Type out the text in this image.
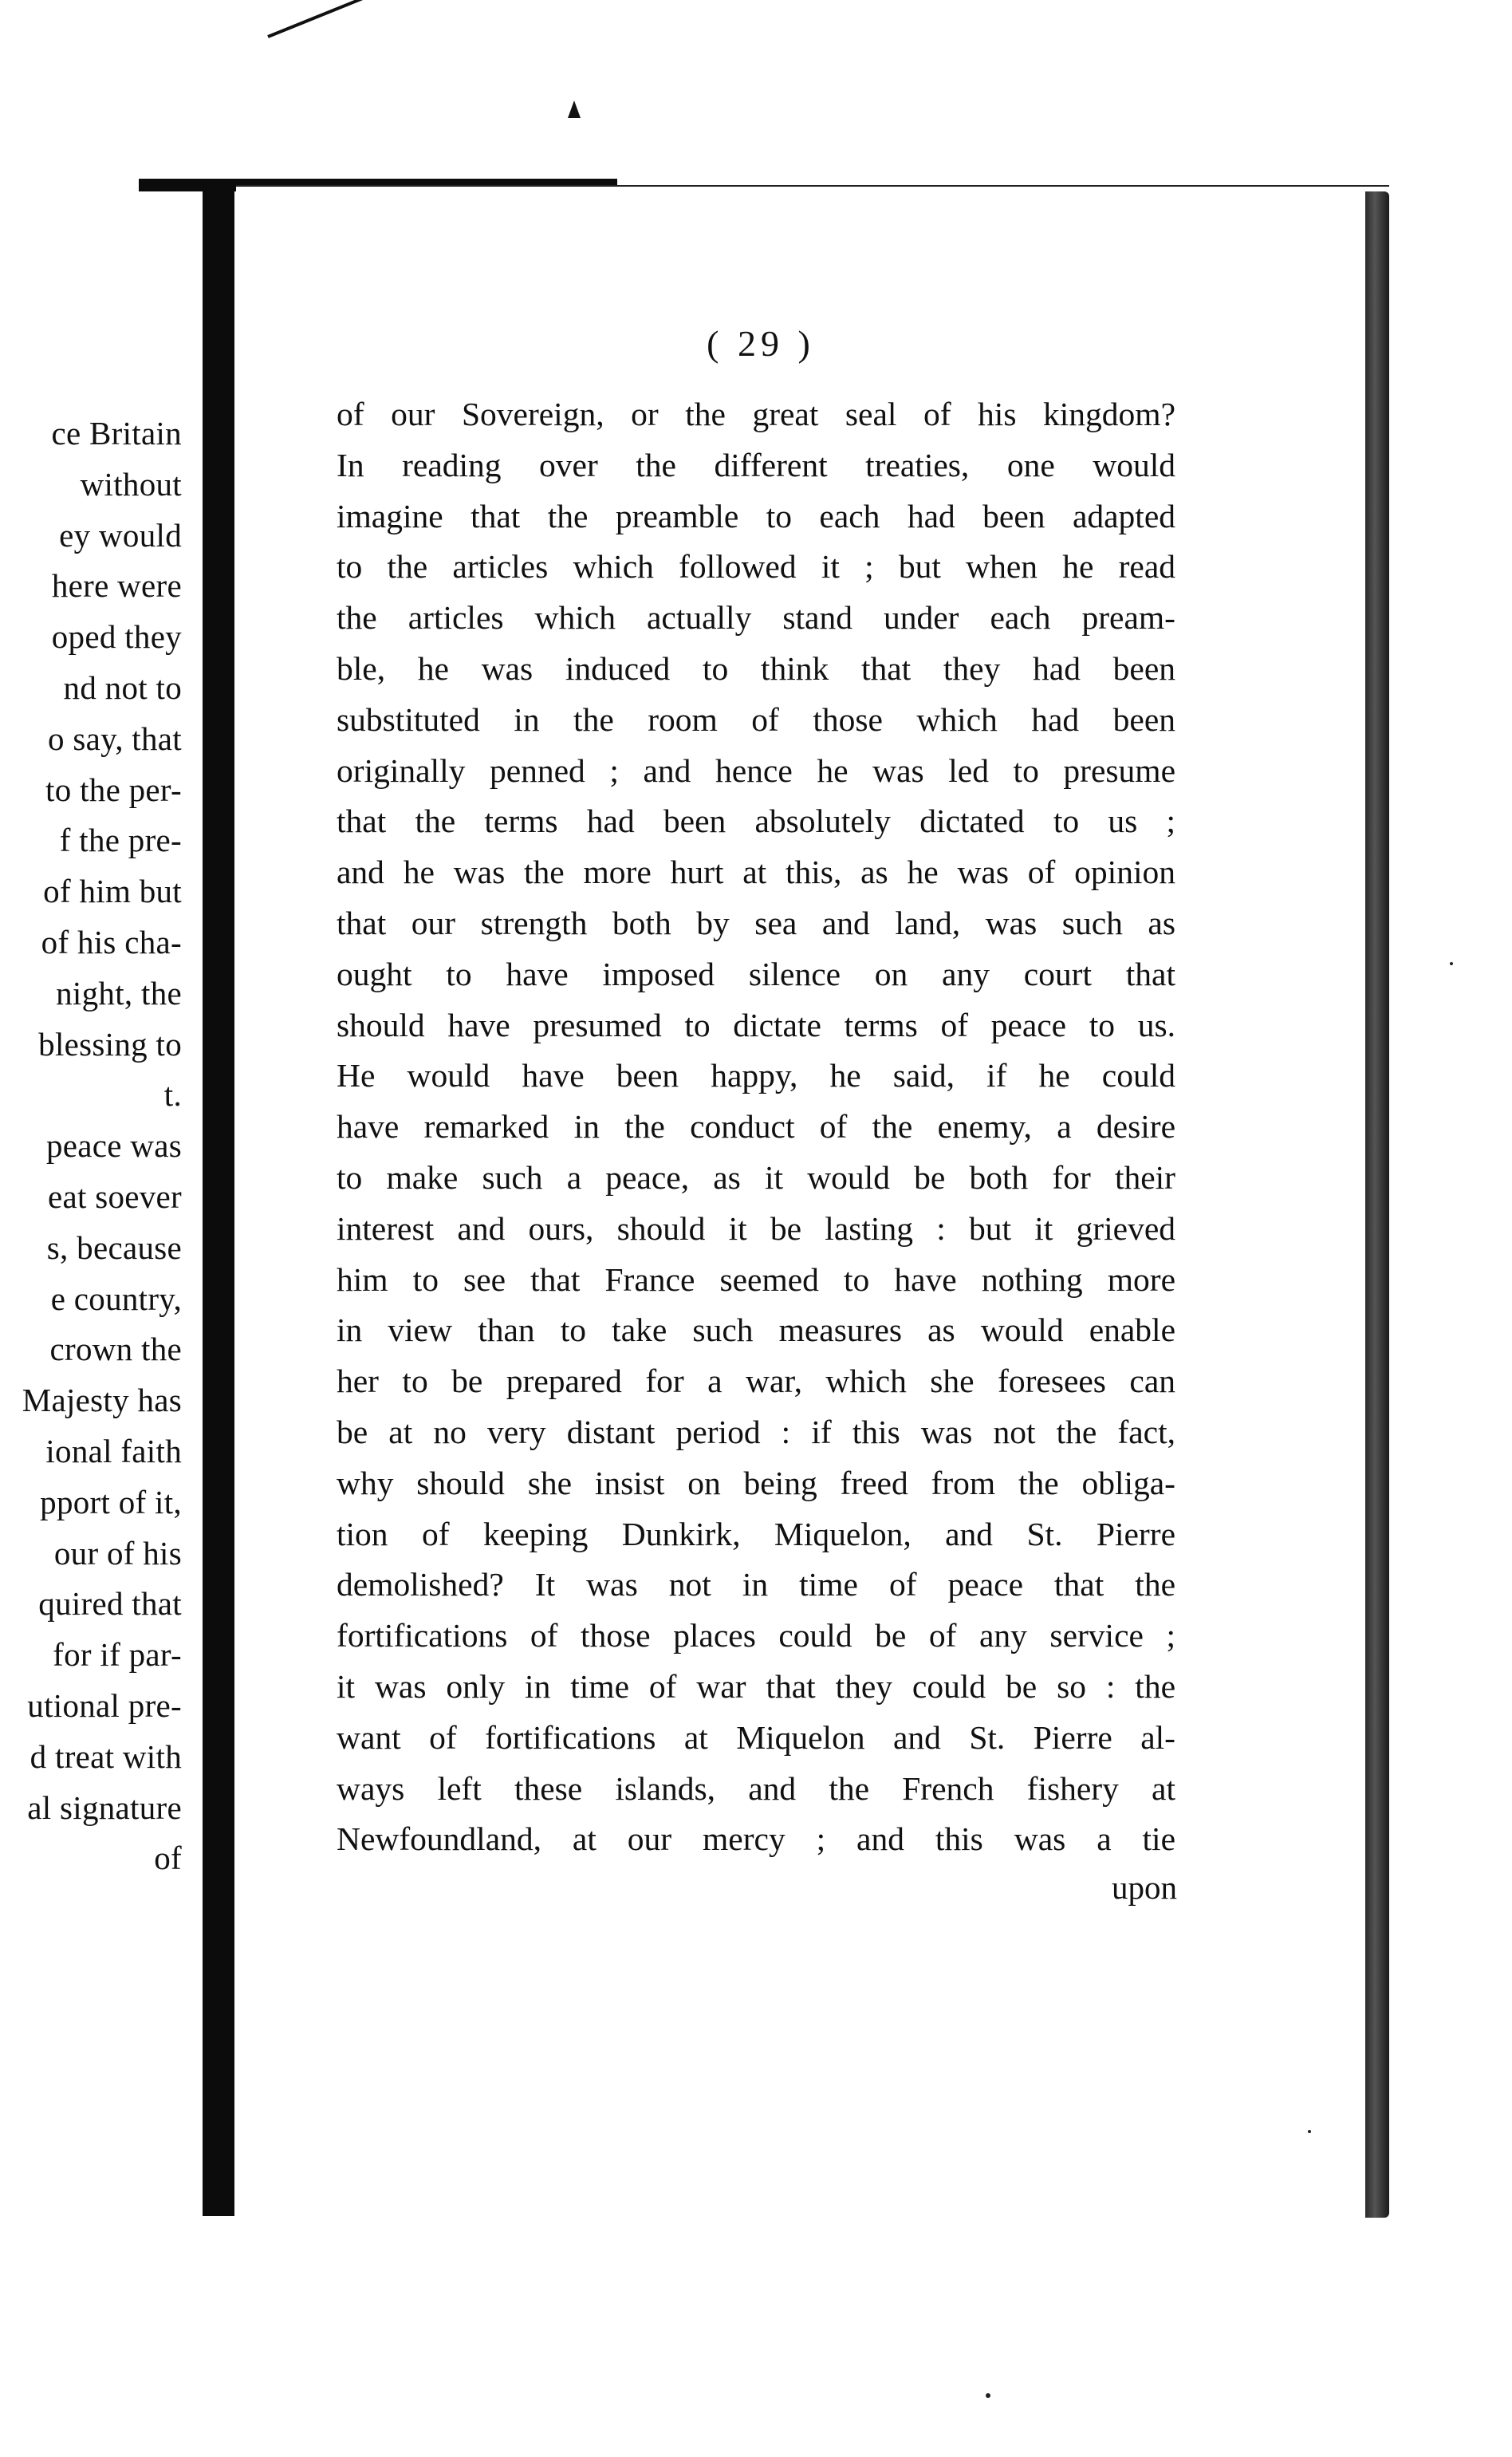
ce Britain
without
ey would
here were
oped they
nd not to
o say, that
to the per-
f the pre-
of him but
of his cha-
night, the
blessing to
t.
peace was
eat soever
s, because
e country,
crown the
Majesty has
ional faith
pport of it,
our of his
quired that
for if par-
utional pre-
d treat with
al signature
of
( 29 )
of our Sovereign, or the great seal of his kingdom?
In reading over the different treaties, one would
imagine that the preamble to each had been adapted
to the articles which followed it ; but when he read
the articles which actually stand under each pream-
ble, he was induced to think that they had been
substituted in the room of those which had been
originally penned ; and hence he was led to presume
that the terms had been absolutely dictated to us ;
and he was the more hurt at this, as he was of opinion
that our strength both by sea and land, was such as
ought to have imposed silence on any court that
should have presumed to dictate terms of peace to us.
He would have been happy, he said, if he could
have remarked in the conduct of the enemy, a desire
to make such a peace, as it would be both for their
interest and ours, should it be lasting : but it grieved
him to see that France seemed to have nothing more
in view than to take such measures as would enable
her to be prepared for a war, which she foresees can
be at no very distant period : if this was not the fact,
why should she insist on being freed from the obliga-
tion of keeping Dunkirk, Miquelon, and St. Pierre
demolished? It was not in time of peace that the
fortifications of those places could be of any service ;
it was only in time of war that they could be so : the
want of fortifications at Miquelon and St. Pierre al-
ways left these islands, and the French fishery at
Newfoundland, at our mercy ; and this was a tie
upon
